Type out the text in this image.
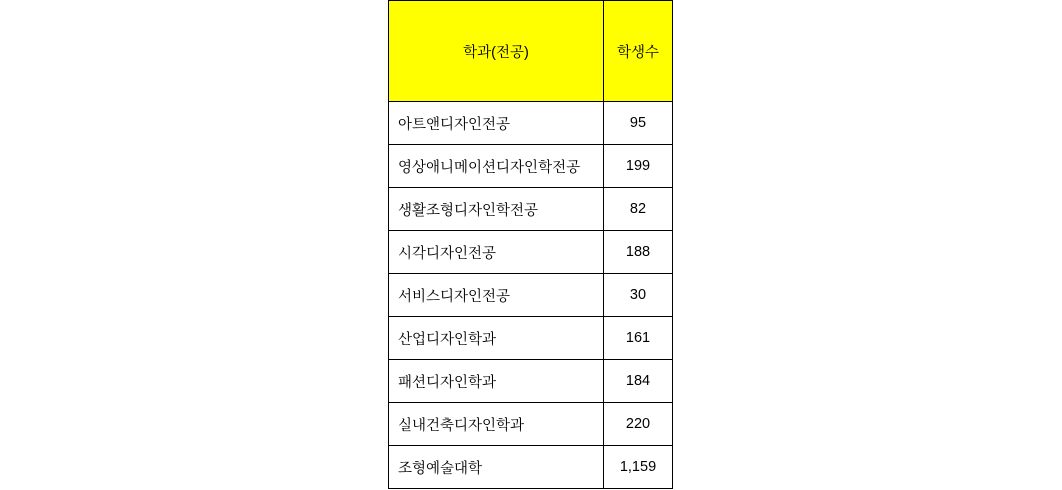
학과(전공)	학생수
아트앤디자인전공	95
영상애니메이션디자인학전공	199
생활조형디자인학전공	82
시각디자인전공	188
서비스디자인전공	30
산업디자인학과	161
패션디자인학과	184
실내건축디자인학과	220
조형예술대학	1,159
